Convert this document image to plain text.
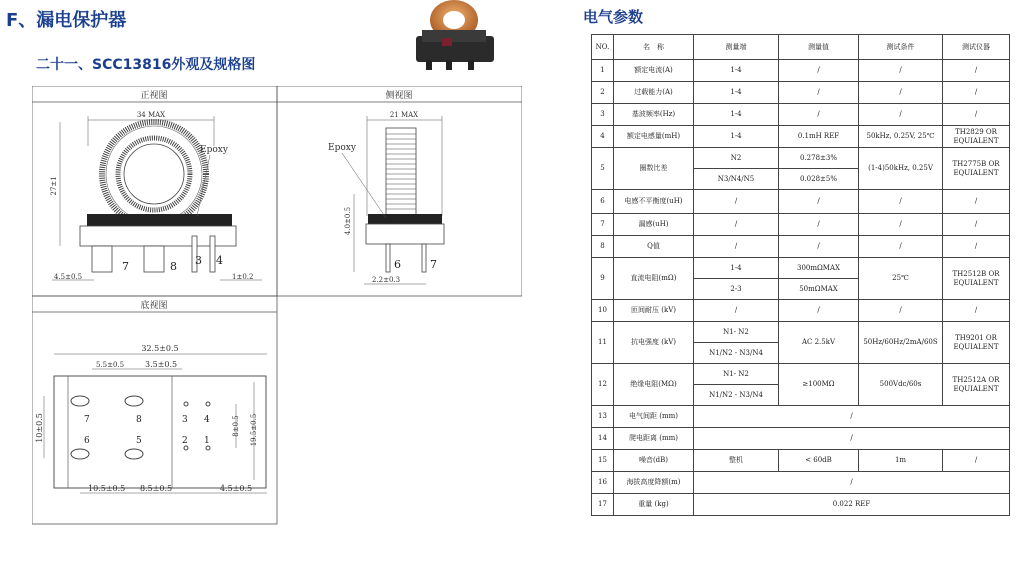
F、漏电保护器
二十一、SCC13816外观及规格图
电气参数
正视图	侧视图
底视图
34 MAX
Epoxy
27±1
4.5±0.5	1±0.2
7	8 3 4
21 MAX
Epoxy
4.0±0.5
2.2±0.3
6	7
32.5±0.5
5.5±0.5	3.5±0.5
7	8	3 4
6	5	2 1
10±0.5	8±0.5 19.5±0.5
10.5±0.5 8.5±0.5	4.5±0.5
NO.	名　称	测量端	测量值	测试条件	测试仪器
1	额定电流(A)	1-4	/	/	/
2	过载能力(A)	1-4	/	/	/
3	基波频率(Hz)	1-4	/	/	/
4	额定电感量(mH)	1-4	0.1mH REF	50kHz, 0.25V, 25℃	TH2829 OR EQUIALENT
5	圈数比差	N2	0.278±3%	(1-4)50kHz, 0.25V	TH2775B OR EQUIALENT
		N3/N4/N5	0.028±5%		
6	电感不平衡度(uH)	/	/	/	/
7	漏感(uH)	/	/	/	/
8	Q值	/	/	/	/
9	直流电阻(mΩ)	1-4	300mΩMAX	25℃	TH2512B OR EQUIALENT
		2-3	50mΩMAX		
10	匝间耐压 (kV)	/	/	/	/
11	抗电强度 (kV)	N1- N2	AC 2.5kV	50Hz/60Hz/2mA/60S	TH9201 OR EQUIALENT
		N1/N2 - N3/N4			
12	绝缘电阻(MΩ)	N1- N2	≥100MΩ	500Vdc/60s	TH2512A OR EQUIALENT
		N1/N2 - N3/N4			
13	电气间距 (mm)	/			
14	爬电距离 (mm)	/			
15	噪音(dB)	整机	< 60dB	1m	/
16	海拔高度降额(m)	/			
17	重量 (kg)	0.022 REF			
